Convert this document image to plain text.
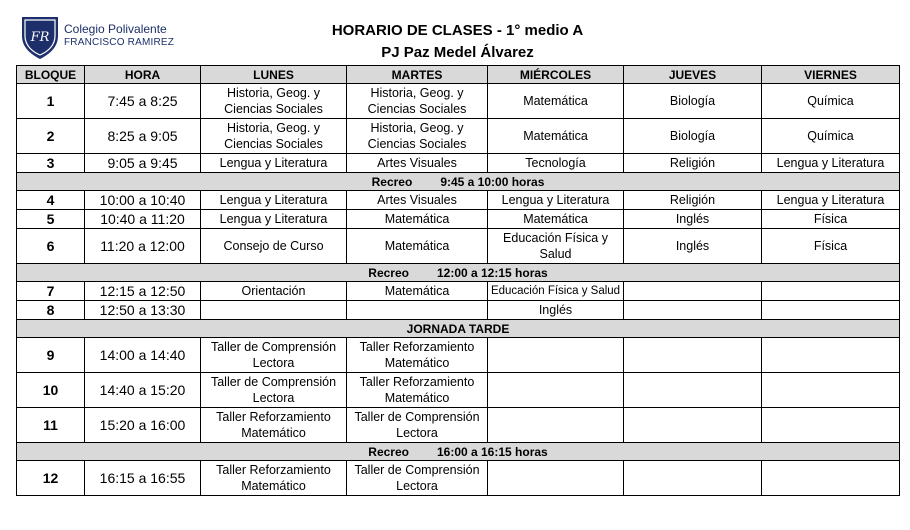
FR
Colegio Polivalente
FRANCISCO RAMIREZ
HORARIO DE CLASES - 1° medio A
PJ Paz Medel Álvarez
BLOQUE	HORA	LUNES	MARTES	MIÉRCOLES	JUEVES	VIERNES
1	7:45 a 8:25	Historia, Geog. y Ciencias Sociales	Historia, Geog. y Ciencias Sociales	Matemática	Biología	Química
2	8:25 a 9:05	Historia, Geog. y Ciencias Sociales	Historia, Geog. y Ciencias Sociales	Matemática	Biología	Química
3	9:05 a 9:45	Lengua y Literatura	Artes Visuales	Tecnología	Religión	Lengua y Literatura
Recreo 9:45 a 10:00 horas						
4	10:00 a 10:40	Lengua y Literatura	Artes Visuales	Lengua y Literatura	Religión	Lengua y Literatura
5	10:40 a 11:20	Lengua y Literatura	Matemática	Matemática	Inglés	Física
6	11:20 a 12:00	Consejo de Curso	Matemática	Educación Física y Salud	Inglés	Física
Recreo 12:00 a 12:15 horas						
7	12:15 a 12:50	Orientación	Matemática	Educación Física y Salud		
8	12:50 a 13:30			Inglés		
JORNADA TARDE						
9	14:00 a 14:40	Taller de Comprensión Lectora	Taller Reforzamiento Matemático			
10	14:40 a 15:20	Taller de Comprensión Lectora	Taller Reforzamiento Matemático			
11	15:20 a 16:00	Taller Reforzamiento Matemático	Taller de Comprensión Lectora			
Recreo 16:00 a 16:15 horas						
12	16:15 a 16:55	Taller Reforzamiento Matemático	Taller de Comprensión Lectora			
